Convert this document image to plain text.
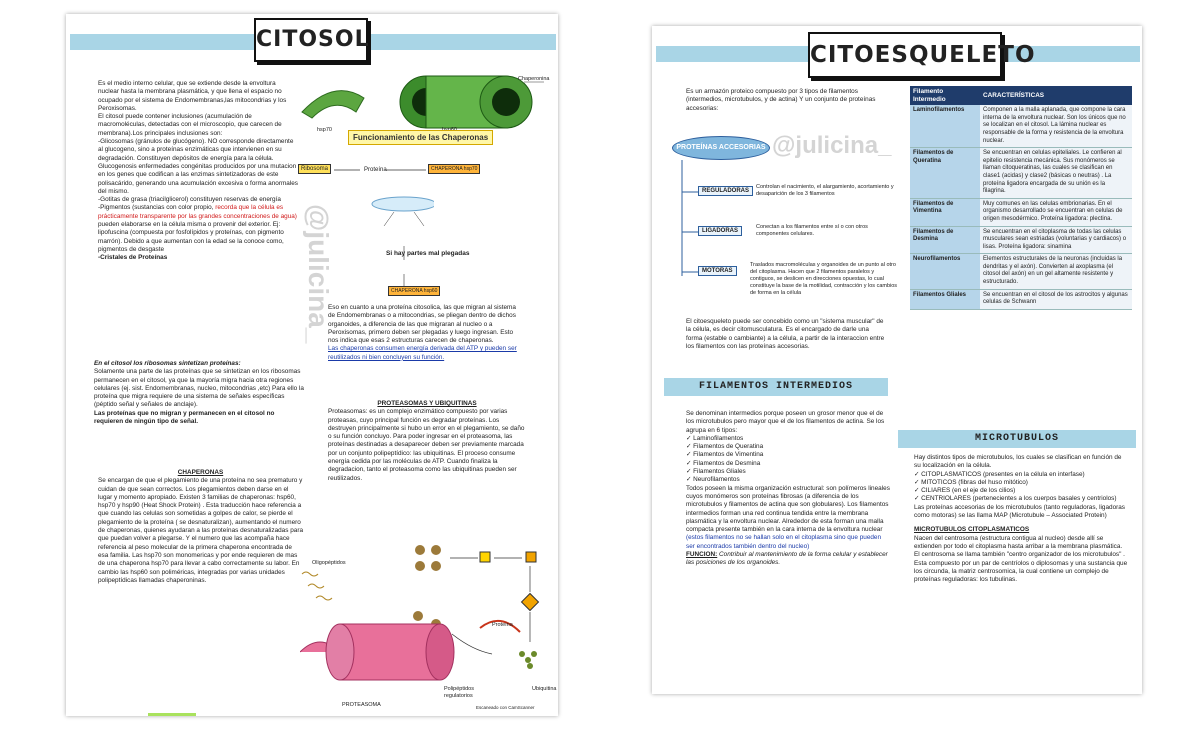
CITOSOL
@julicina_

Es el medio interno celular, que se extiende desde la envoltura nuclear hasta la membrana plasmática, y que llena el espacio no ocupado por el sistema de Endomembranas,las mitocondrias y los Peroxisomas.

El citosol puede contener inclusiones (acumulación de macromoléculas, detectadas con el microscopio, que carecen de membrana).Los principales inclusiones son:

-Glicosomas (gránulos de glucógeno). NO corresponde directamente al glucogeno, sino a proteínas enzimáticas que intervienen en su degradación. Constituyen depósitos de energía para la célula. Glucogenosis enfermedades congénitas producidos por una mutacion en los genes que codifican a las enzimas sintetizadoras de este polisacárido, generando una acumulación excesiva o forma anormales del mismo.

-Gotitas de grasa (triacilglicerol) constituyen reservas de energía

-Pigmentos (sustancias con color propio, recorda que la célula es prácticamente transparente por las grandes concentraciones de agua) pueden elaborarse en la célula misma o provenir del exterior. Ej: lipofuscina (compuesta por fosfolípidos y proteínas, con pigmento marrón). Debido a que aumentan con la edad se la conoce como, pigmentos de desgaste

-Cristales de Proteínas

En el citosol los ribosomas sintetizan proteínas:

Solamente una parte de las proteínas que se sintetizan en los ribosomas permanecen en el citosol, ya que la mayoría migra hacia otra regiones celulares (ej. sist. Endomembranas, nucleo, mitocondrias ,etc) Para ello la proteína que migra requiere de una sistema de señales específicas (péptido señal y señales de anclaje).

Las proteínas que no migran y permanecen en el citosol no requieren de ningún tipo de señal.

CHAPERONAS

Se encargan de que el plegamiento de una proteína no sea prematuro y cuidan de que sean correctos. Los plegamientos deben darse en el lugar y momento apropiado. Existen 3 familias de chaperonas: hsp60, hsp70 y hsp90 (Heat Shock Protein) . Esta traducción hace referencia a que cuando las celulas son sometidas a golpes de calor, se pierde el plegamiento de la proteína ( se desnaturalizan), aumentando el numero de chaperonas, quienes ayudaran a las proteínas desnaturalizadas para que puedan volver a plegarse. Y el numero que las acompaña hace referencia al peso molecular de la primera chaperona encontrada de esa familia. Las hsp70 son monomericas y por ende requieren de mas de una chaperona hsp70 para llevar a cabo correctamente su labor. En cambio las hsp60 son poliméricas, integradas por varias unidades polipeptídicas llamadas chaperoninas.

hsp70
Chaperonina
Funcionamiento de las Chaperonas
Ribosoma	Proteína	CHAPERONA hsp70
Si hay partes mal plegadas
CHAPERONA hsp60

Eso en cuanto a una proteína citosolica, las que migran al sistema de Endomembranas o a mitocondrias, se pliegan dentro de dichos organoides, a diferencia de las que migraran al nucleo o a Peroxisomas, primero deben ser plegadas y luego ingresan. Esto nos indica que esas 2 estructuras carecen de chaperonas.

Las chaperonas consumen energía derivada del ATP y pueden ser reutilizados ni bien concluyen su función.

PROTEASOMAS Y UBIQUITINAS

Proteasomas: es un complejo enzimático compuesto por varias proteasas, cuyo principal función es degradar proteínas. Los destruyen principalmente si hubo un error en el plegamiento, se daño o su función concluyo. Para poder ingresar en el proteasoma, las proteínas destinadas a desaparecer deben ser previamente marcada por un conjunto polipeptídico: las ubiquitinas. El proceso consume energía cedida por las moléculas de ATP. Cuando finaliza la degradacion, tanto el proteasoma como las ubiquitinas pueden ser reutilizados.

Oligopéptidos
Proteína
Ubiquitina
PROTEASOMA
Polipéptidos regulatorios
Escaneado con CamScanner
CITOESQUELETO

Es un armazón proteico compuesto por 3 tipos de filamentos (intermedios, microtubulos, y de actina) Y un conjunto de proteínas accesorias:

PROTEÍNAS ACCESORIAS @julicina_
REGULADORAS
Controlan el nacimiento, el alargamiento, acortamiento y desaparición de los 3 filamentos
LIGADORAS
Conectan a los filamentos entre sí o con otros componentes celulares.
MOTORAS
Traslados macromoléculas y organoides de un punto al otro del citoplasma. Hacen que 2 filamentos paralelos y contiguos, se deslicen en direcciones opuestas, lo cual constituye la base de la motilidad, contracción y los cambios de forma en la célula

El citoesqueleto puede ser concebido como un "sistema muscular" de la célula, es decir citomusculatura. Es el encargado de darle una forma (estable o cambiante) a la célula, a partir de la interaccion entre los filamentos con las proteínas accesorias.

FILAMENTOS INTERMEDIOS

Se denominan intermedios porque poseen un grosor menor que el de los microtubulos pero mayor que el de los filamentos de actina. Se los agrupa en 6 tipos:

✓ Laminofilamentos

✓ Filamentos de Queratina

✓ Filamentos de Vimentina

✓ Filamentos de Desmina

✓ Filamentos Gliales

✓ Neurofilamentos

Todos poseen la misma organización estructural: son polímeros lineales cuyos monómeros son proteínas fibrosas (a diferencia de los microtubulos y filamentos de actina que son globulares). Los filamentos intermedios forman una red continua tendida entre la membrana plasmática y la envoltura nuclear. Alrededor de esta forman una malla compacta presente también en la cara interna de la envoltura nuclear

(estos filamentos no se hallan solo en el citoplasma sino que pueden ser encontrados también dentro del nucleo)

FUNCION: Contribuir al mantenimiento de la forma celular y establecer las posiciones de los organoides.

Filamento Intermedio	CARACTERÍSTICAS
Laminofilamentos	Componen a la malla aplanada, que compone la cara interna de la envoltura nuclear. Son los únicos que no se localizan en el citosol. La lámina nuclear es responsable de la forma y resistencia de la envoltura nuclear.
Filamentos de Queratina	Se encuentran en celulas epiteliales. Le confieren al epitelio resistencia mecánica. Sus monómeros se llaman citoqueratinas, las cuales se clasifican en clase1 (acidas) y clase2 (básicas o neutras) . La proteína ligadora encargada de su unión es la filagrina.
Filamentos de Vimentina	Muy comunes en las celulas embrionarias. En el organismo desarrollado se encuentran en celulas de origen mesodérmico. Proteína ligadora: plectina.
Filamentos de Desmina	Se encuentran en el citoplasma de todas las celulas musculares sean estriadas (voluntarias y cardiacos) o lisas. Proteína ligadora: sinamina
Neurofilamentos	Elementos estructurales de la neuronas (incluidas la dendritas y el axón). Convierten al axoplasma (el citosol del axón) en un gel altamente resistente y estructurado.
Filamentos Gliales	Se encuentran en el citosol de los astrocitos y algunas celulas de Schwann
MICROTUBULOS

Hay distintos tipos de microtubulos, los cuales se clasifican en función de su localización en la célula.

✓ CITOPLASMATICOS (presentes en la célula en interfase)

✓ MITOTICOS (fibras del huso mitótico)

✓ CILIARES (en el eje de los cilios)

✓ CENTRIOLARES (pertenecientes a los cuerpos basales y centriolos)

Las proteínas accesorias de los microtubulos (tanto reguladoras, ligadoras como motoras) se las llama MAP (Microtubule – Associated Protein)

MICROTUBULOS CITOPLASMATICOS

Nacen del centrosoma (estructura contigua al nucleo) desde allí se extienden por todo el citoplasma hasta arribar a la membrana plasmática. El centrosoma se llama también "centro organizador de los microtubulos" . Esta compuesto por un par de centríolos o diplosomas y una sustancia que los circunda, la matriz centrosomica, la cual contiene un complejo de proteínas reguladoras: los tubulinas.
